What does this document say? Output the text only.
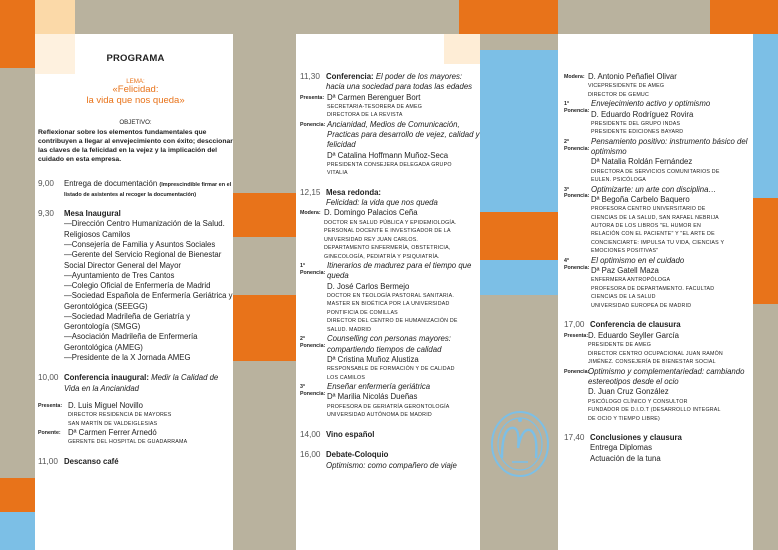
PROGRAMA
LEMA:
«Felicidad:
la vida que nos queda»
OBJETIVO:
Reflexionar sobre los elementos fundamentales que contribuyen a llegar al envejecimiento con éxito; desccionar las claves de la felicidad en la vejez y la implicación del cuidado en esta empresa.
9,00	Entrega de documentación (Imprescindible firmar en el listado de asistentes al recoger la documentación)
9,30	Mesa Inaugural
—Dirección Centro Humanización de la Salud. Religiosos Camilos
—Consejería de Familia y Asuntos Sociales
—Gerente del Servicio Regional de Bienestar Social Director General del Mayor
—Ayuntamiento de Tres Cantos
—Colegio Oficial de Enfermería de Madrid
—Sociedad Española de Enfermería Geriátrica y Gerontológica (SEEGG)
—Sociedad Madrileña de Geriatría y Gerontología (SMGG)
—Asociación Madrileña de Enfermería Gerontológica (AMEG)
—Presidente de la X Jornada AMEG
10,00 Conferencia inaugural: Medir la Calidad de Vida en la Ancianidad
Presenta: D. Luis Miguel Novillo
DIRECTOR RESIDENCIA DE MAYORES
SAN MARTÍN DE VALDEIGLESIAS
Ponente: Dª Carmen Ferrer Arnedó
GERENTE DEL HOSPITAL DE GUADARRAMA
11,00 Descanso café
11,30 Conferencia: El poder de los mayores: hacia una sociedad para todas las edades
Presenta: Dª Carmen Berenguer Bort
SECRETARIA-TESORERA DE AMEG
DIRECTORA DE LA REVISTA
Ponencia: Ancianidad, Medios de Comunicación, Practicas para desarrollo de vejez, calidad y felicidad
Dª Catalina Hoffmann Muñoz-Seca
PRESIDENTA CONSEJERA DELEGADA GRUPO
VITALIA
12,15 Mesa redonda:
Felicidad: la vida que nos queda
Modera: D. Domingo Palacios Ceña
DOCTOR EN SALUD PÚBLICA Y EPIDEMIOLOGÍA.
PERSONAL DOCENTE E INVESTIGADOR DE LA
UNIVERSIDAD REY JUAN CARLOS.
DEPARTAMENTO ENFERMERÍA, OBSTETRICIA,
GINECOLOGÍA, PEDIATRÍA Y PSIQUIATRÍA.
1ª Ponencia:
Itinerarios de madurez para el tiempo que queda
D. José Carlos Bermejo
DOCTOR EN TEOLOGÍA PASTORAL SANITARIA.
MASTER EN BIOÉTICA POR LA UNIVERSIDAD
PONTIFICIA DE COMILLAS
DIRECTOR DEL CENTRO DE HUMANIZACIÓN DE
SALUD. MADRID
2ª Ponencia:
Counselling con personas mayores: compartiendo tiempos de calidad
Dª Cristina Muñoz Alustiza
RESPONSABLE DE FORMACIÓN Y DE CALIDAD
LOS CAMILOS
3ª Ponencia:
Enseñar enfermería geriátrica
Dª Marilia Nicolás Dueñas
PROFESORA DE GERIATRÍA GERONTOLOGÍA
UNIVERSIDAD AUTÓNOMA DE MADRID
14,00 Vino español
16,00 Debate-Coloquio
Optimismo: como compañero de viaje
Modera: D. Antonio Peñafiel Olivar
VICEPRESIDENTE DE AMEG
DIRECTOR DE GEMUC
1ª Ponencia:
Envejecimiento activo y optimismo
D. Eduardo Rodríguez Rovira
PRESIDENTE DEL GRUPO INDAS
PRESIDENTE EDICIONES BAYARD
2ª Ponencia:
Pensamiento positivo: instrumento básico del optimismo
Dª Natalia Roldán Fernández
DIRECTORA DE SERVICIOS COMUNITARIOS DE
EULEN. PSICÓLOGA
3ª Ponencia:
Optimizarte: un arte con disciplina…
Dª Begoña Carbelo Baquero
PROFESORA CENTRO UNIVERSITARIO DE
CIENCIAS DE LA SALUD, SAN RAFAEL NEBRIJA
AUTORA DE LOS LIBROS "EL HUMOR EN
RELACIÓN CON EL PACIENTE" Y "EL ARTE DE
CONCIENCIARTE: IMPULSA TU VIDA, CIENCIAS Y
EMOCIONES POSITIVAS"
4ª Ponencia:
El optimismo en el cuidado
Dª Paz Gatell Maza
ENFERMERA ANTROPÓLOGA
PROFESORA DE DEPARTAMENTO. FACULTAD
CIENCIAS DE LA SALUD
UNIVERSIDAD EUROPEA DE MADRID
17,00 Conferencia de clausura
Presenta: D. Eduardo Seyller García
PRESIDENTE DE AMEG
DIRECTOR CENTRO OCUPACIONAL JUAN RAMÓN
JIMÉNEZ. CONSEJERÍA DE BIENESTAR SOCIAL
Ponencia:
Optimismo y complementariedad: cambiando estereotipos desde el ocio
D. Juan Cruz González
PSICÓLOGO CLÍNICO Y CONSULTOR
FUNDADOR DE D.I.O.T (DESARROLLO INTEGRAL
DE OCIO Y TIEMPO LIBRE)
17,40 Conclusiones y clausura
Entrega Diplomas
Actuación de la tuna
